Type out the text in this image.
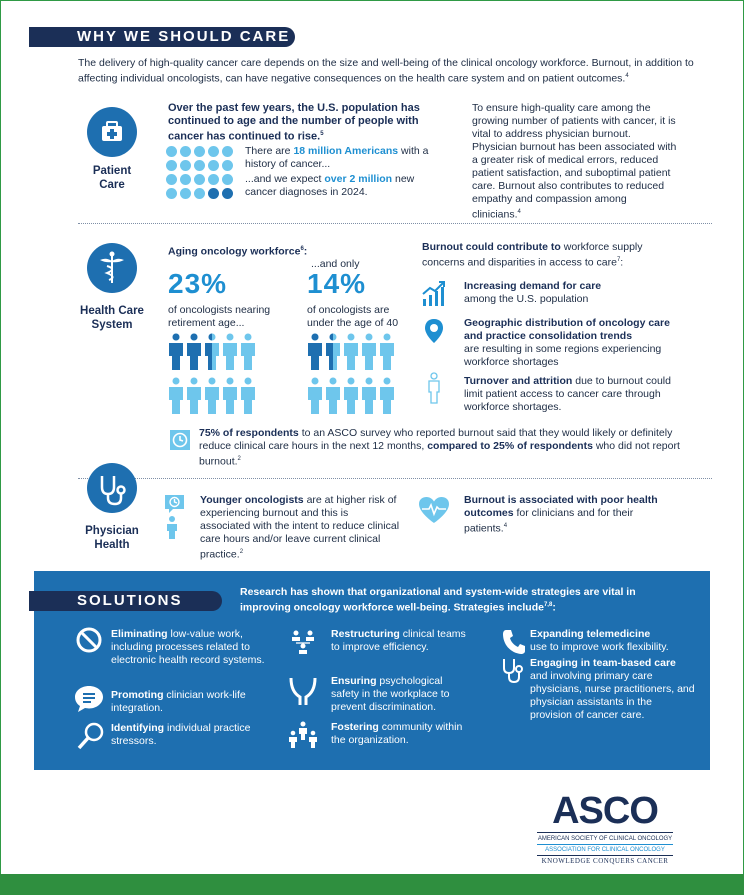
WHY WE SHOULD CARE
The delivery of high-quality cancer care depends on the size and well-being of the clinical oncology workforce. Burnout, in addition to affecting individual oncologists, can have negative consequences on the health care system and on patient outcomes.$^4$
Patient
Care
Over the past few years, the U.S. population has continued to age and the number of people with cancer has continued to rise.$^5$
There are 18 million Americans with a history of cancer...
...and we expect over 2 million new cancer diagnoses in 2024.
To ensure high-quality care among the growing number of patients with cancer, it is vital to address physician burnout. Physician burnout has been associated with a greater risk of medical errors, reduced patient satisfaction, and suboptimal patient care. Burnout also contributes to reduced empathy and compassion among clinicians.$^4$
Health Care
System
Aging oncology workforce$^6$:
...and only
23%	14%
of oncologists nearing retirement age...
of oncologists are under the age of 40
Burnout could contribute to workforce supply concerns and disparities in access to care$^7$:
Increasing demand for care
among the U.S. population
Geographic distribution of oncology care and practice consolidation trends
are resulting in some regions experiencing workforce shortages
Turnover and attrition due to burnout could limit patient access to cancer care through workforce shortages.
75% of respondents to an ASCO survey who reported burnout said that they would likely or definitely reduce clinical care hours in the next 12 months, compared to 25% of respondents who did not report burnout.$^2$
Physician
Health
Younger oncologists are at higher risk of experiencing burnout and this is associated with the intent to reduce clinical care hours and/or leave current clinical practice.$^2$
Burnout is associated with poor health outcomes for clinicians and for their patients.$^4$
SOLUTIONS	Research has shown that organizational and system-wide strategies are vital in improving oncology workforce well-being. Strategies include$^{7,8}$:
Eliminating low-value work, including processes related to electronic health record systems.
Promoting clinician work-life integration.
Identifying individual practice stressors.
Restructuring clinical teams to improve efficiency.
Ensuring psychological safety in the workplace to prevent discrimination.
Fostering community within the organization.
Expanding telemedicine
use to improve work flexibility.
Engaging in team-based care
and involving primary care physicians, nurse practitioners, and physician assistants in the provision of cancer care.
ASCO
AMERICAN SOCIETY OF CLINICAL ONCOLOGY
ASSOCIATION FOR CLINICAL ONCOLOGY
KNOWLEDGE CONQUERS CANCER
